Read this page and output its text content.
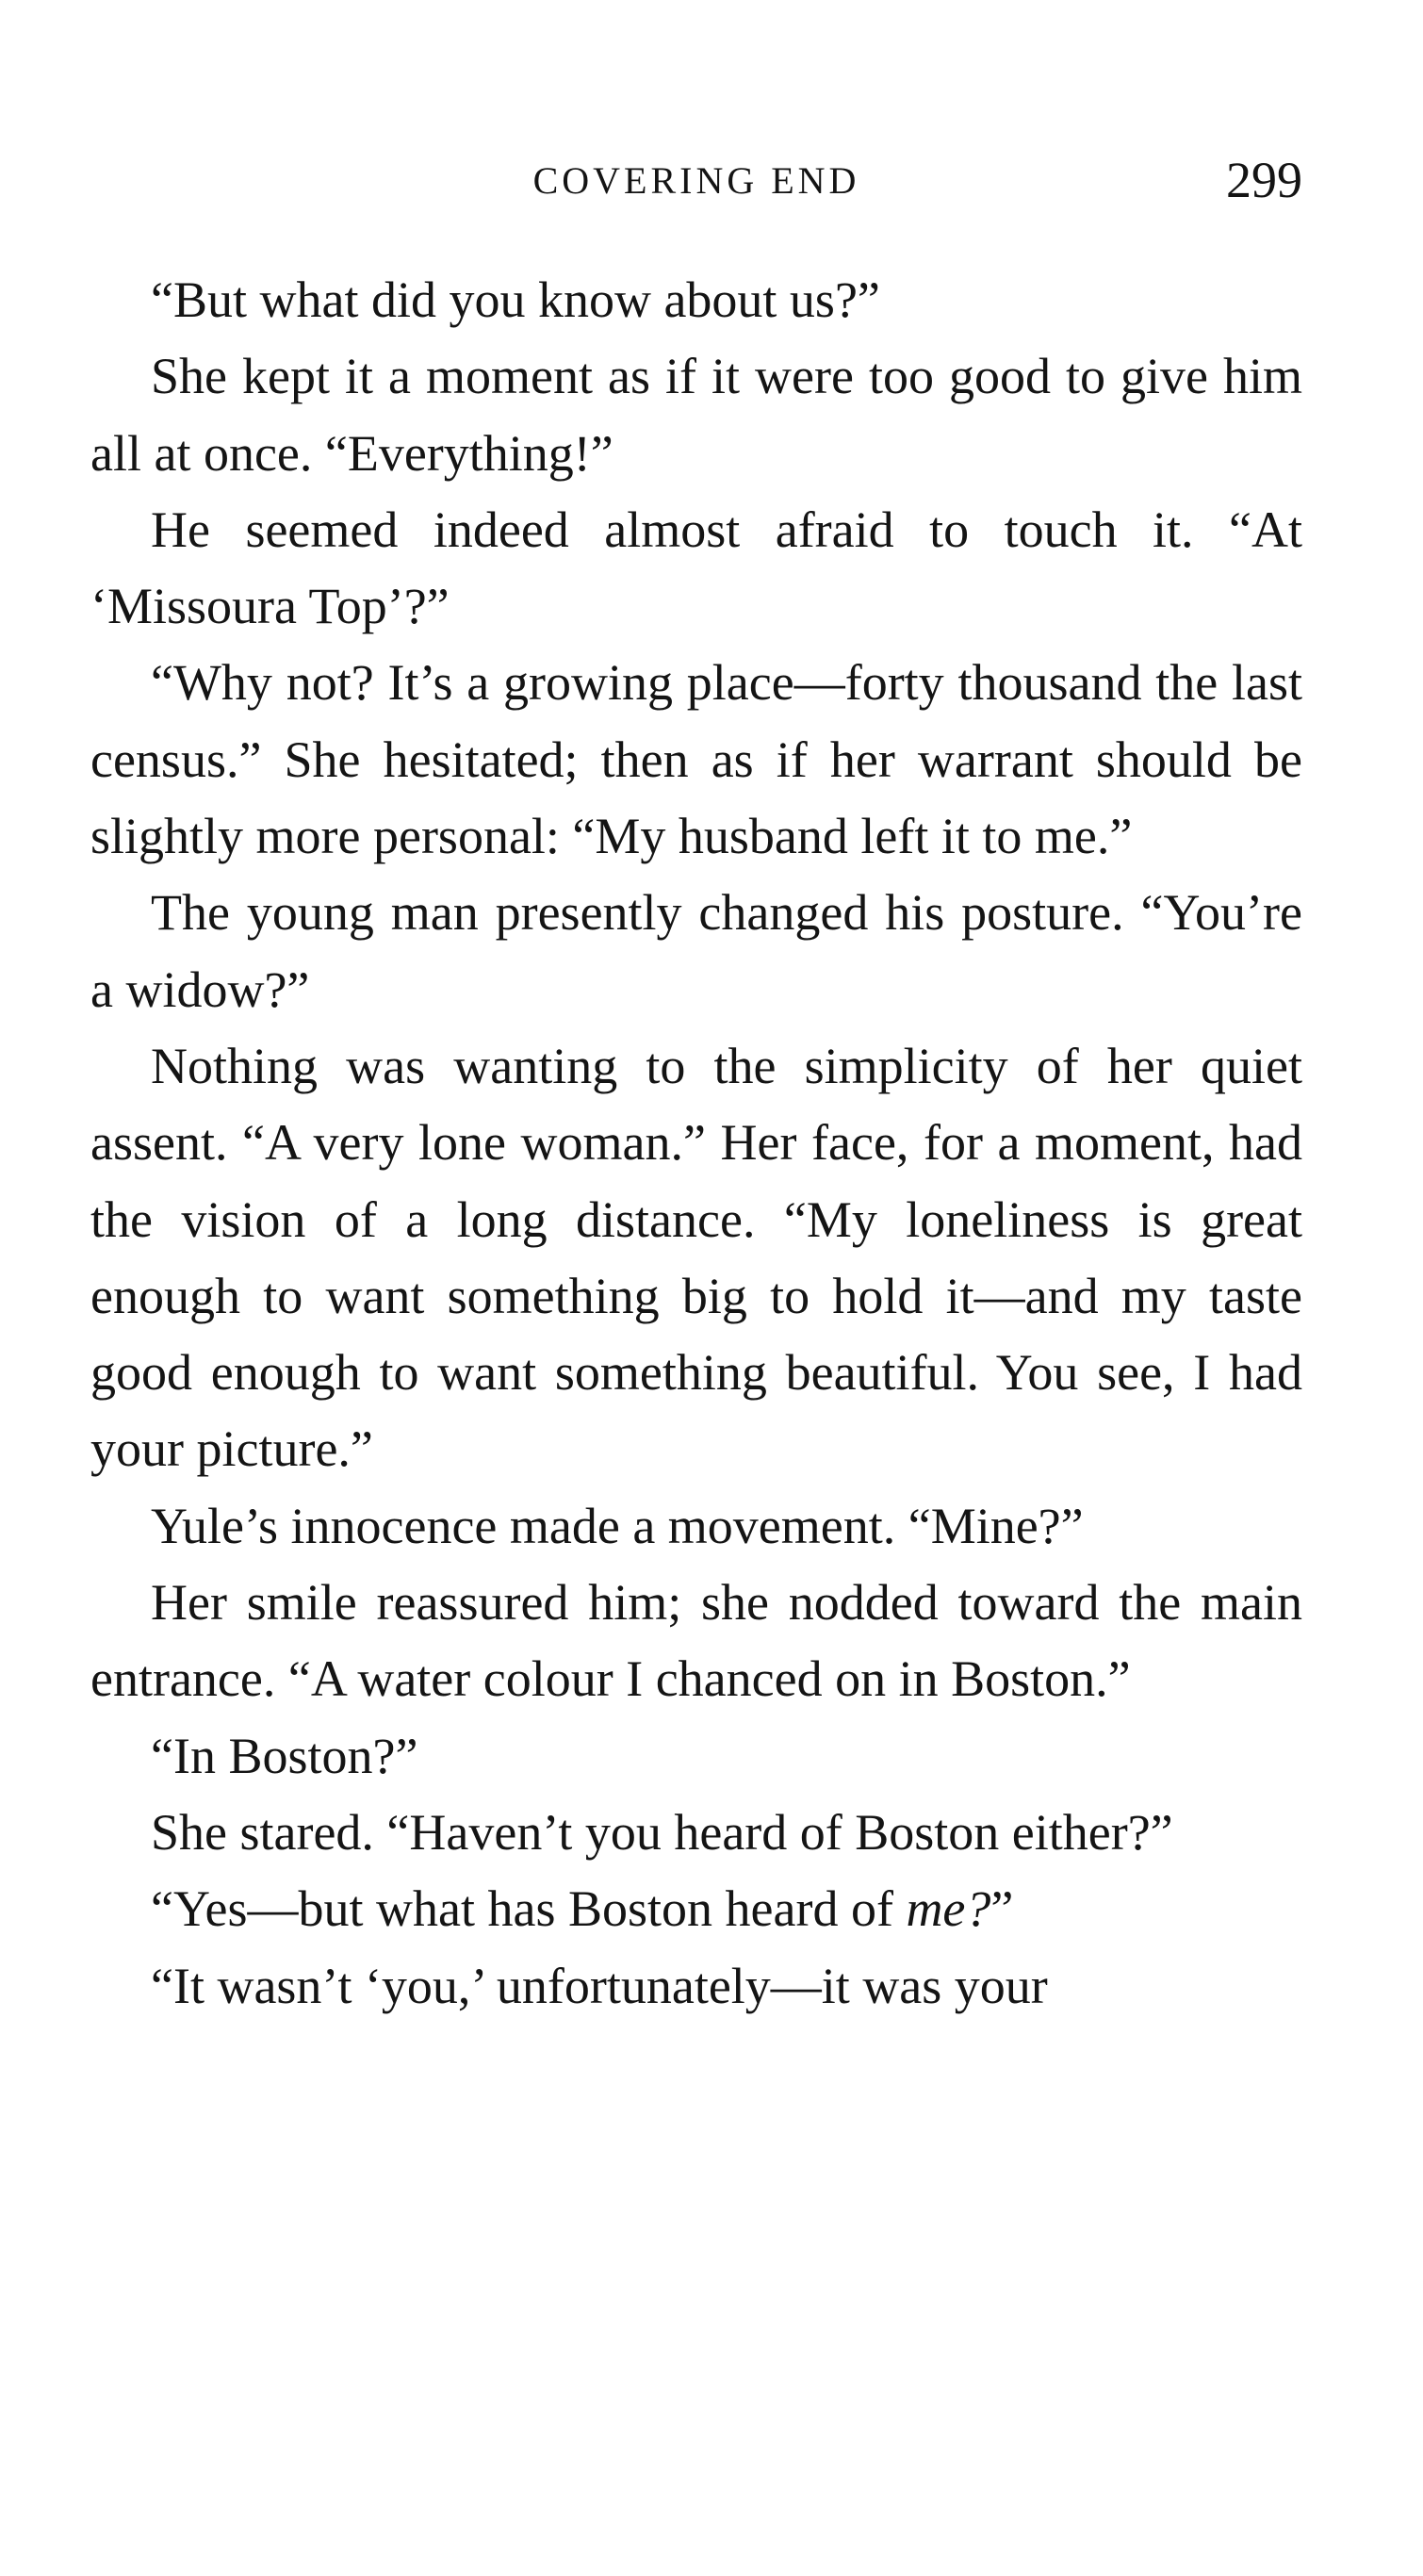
COVERING END	299

“But what did you know about us?”

She kept it a moment as if it were too good to give him all at once. “Everything!”

He seemed indeed almost afraid to touch it. “At ‘Missoura Top’?”

“Why not? It’s a growing place—forty thousand the last census.” She hesitated; then as if her warrant should be slightly more personal: “My husband left it to me.”

The young man presently changed his posture. “You’re a widow?”

Nothing was wanting to the simplicity of her quiet assent. “A very lone woman.” Her face, for a moment, had the vision of a long distance. “My loneliness is great enough to want something big to hold it—and my taste good enough to want something beautiful. You see, I had your picture.”

Yule’s innocence made a movement. “Mine?”

Her smile reassured him; she nodded toward the main entrance. “A water colour I chanced on in Boston.”

“In Boston?”

She stared. “Haven’t you heard of Boston either?”

“Yes—but what has Boston heard of me?”

“It wasn’t ‘you,’ unfortunately—it was your
